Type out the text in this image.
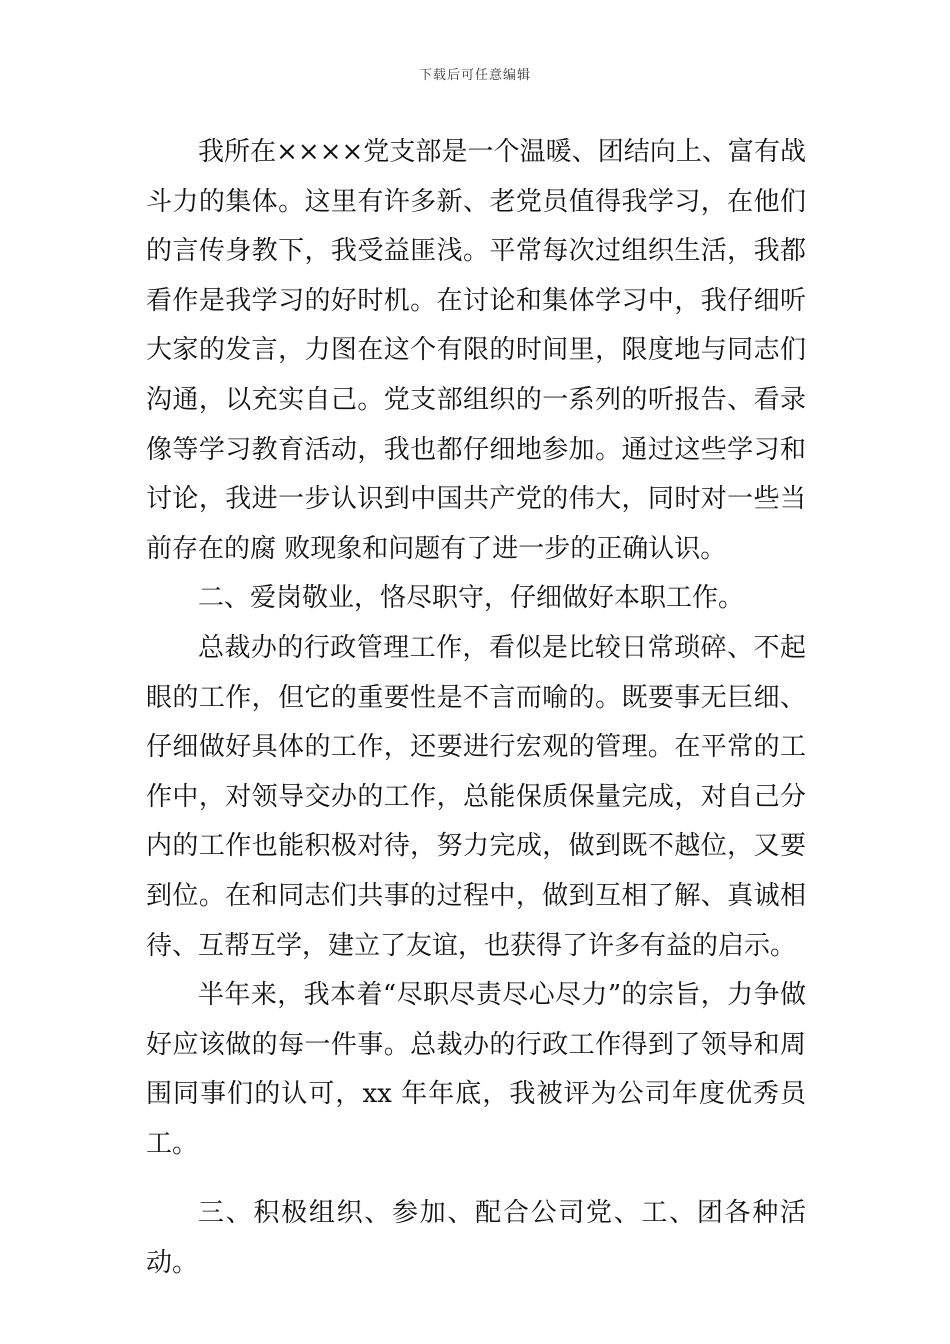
下载后可任意编辑

我所在××××党支部是一个温暖、团结向上、富有战斗力的集体。这里有许多新、老党员值得我学习，在他们的言传身教下，我受益匪浅。平常每次过组织生活，我都看作是我学习的好时机。在讨论和集体学习中，我仔细听大家的发言，力图在这个有限的时间里，限度地与同志们沟通，以充实自己。党支部组织的一系列的听报告、看录像等学习教育活动，我也都仔细地参加。通过这些学习和讨论，我进一步认识到中国共产党的伟大，同时对一些当前存在的腐 败现象和问题有了进一步的正确认识。

二、爱岗敬业，恪尽职守，仔细做好本职工作。

总裁办的行政管理工作，看似是比较日常琐碎、不起眼的工作，但它的重要性是不言而喻的。既要事无巨细、仔细做好具体的工作，还要进行宏观的管理。在平常的工作中，对领导交办的工作，总能保质保量完成，对自己分内的工作也能积极对待，努力完成，做到既不越位，又要到位。在和同志们共事的过程中，做到互相了解、真诚相待、互帮互学，建立了友谊，也获得了许多有益的启示。

半年来，我本着“尽职尽责尽心尽力”的宗旨，力争做好应该做的每一件事。总裁办的行政工作得到了领导和周围同事们的认可，xx 年年底，我被评为公司年度优秀员工。

三、积极组织、参加、配合公司党、工、团各种活动。
